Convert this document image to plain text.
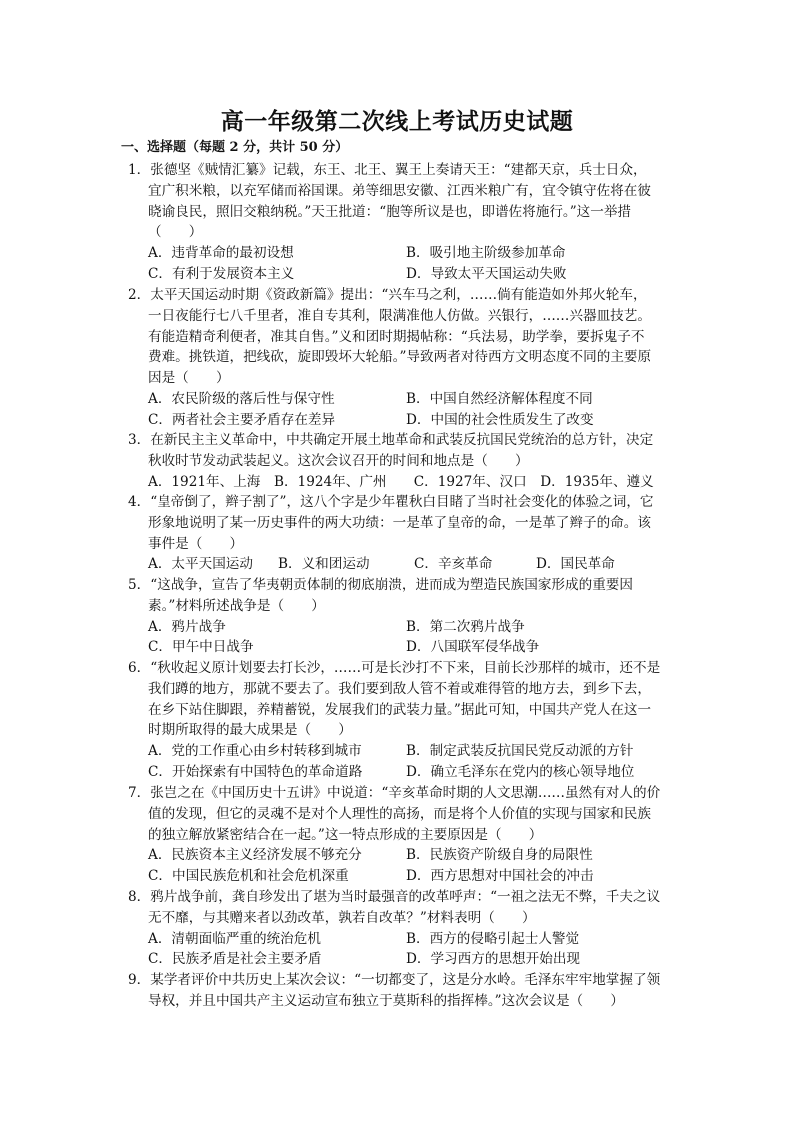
高一年级第二次线上考试历史试题
一、选择题（每题 2 分，共计 50 分）
1．张德坚《贼情汇纂》记载，东王、北王、翼王上奏请天王：“建都天京，兵士日众，
宜广积米粮，以充军储而裕国课。弟等细思安徽、江西米粮广有，宜令镇守佐将在彼
晓谕良民，照旧交粮纳税。”天王批道：“胞等所议是也，即谱佐将施行。”这一举措
（　　）
A．违背革命的最初设想	B．吸引地主阶级参加革命
C．有利于发展资本主义	D．导致太平天国运动失败
2．太平天国运动时期《资政新篇》提出：“兴车马之利，……倘有能造如外邦火轮车，
一日夜能行七八千里者，准自专其利，限满准他人仿做。兴银行，……兴器皿技艺。
有能造精奇利便者，准其自售。”义和团时期揭帖称：“兵法易，助学拳，要拆鬼子不
费难。挑铁道，把线砍，旋即毁坏大轮船。”导致两者对待西方文明态度不同的主要原
因是（　　）
A．农民阶级的落后性与保守性	B．中国自然经济解体程度不同
C．两者社会主要矛盾存在差异	D．中国的社会性质发生了改变
3．在新民主主义革命中，中共确定开展土地革命和武装反抗国民党统治的总方针，决定
秋收时节发动武装起义。这次会议召开的时间和地点是（　　）
A．1921年、上海　B．1924年、广州　　C．1927年、汉口　D．1935年、遵义
4．“皇帝倒了，辫子割了”，这八个字是少年瞿秋白目睹了当时社会变化的体验之词，它
形象地说明了某一历史事件的两大功绩：一是革了皇帝的命，一是革了辫子的命。该
事件是（　　）
A．太平天国运动	B．义和团运动	C．辛亥革命	D．国民革命
5．“这战争，宣告了华夷朝贡体制的彻底崩溃，进而成为塑造民族国家形成的重要因
素。”材料所述战争是（　　）
A．鸦片战争	B．第二次鸦片战争
C．甲午中日战争	D．八国联军侵华战争
6．“秋收起义原计划要去打长沙，……可是长沙打不下来，目前长沙那样的城市，还不是
我们蹲的地方，那就不要去了。我们要到敌人管不着或难得管的地方去，到乡下去，
在乡下站住脚跟，养精蓄锐，发展我们的武装力量。”据此可知，中国共产党人在这一
时期所取得的最大成果是（　　）
A．党的工作重心由乡村转移到城市	B．制定武装反抗国民党反动派的方针
C．开始探索有中国特色的革命道路	D．确立毛泽东在党内的核心领导地位
7．张岂之在《中国历史十五讲》中说道：“辛亥革命时期的人文思潮……虽然有对人的价
值的发现，但它的灵魂不是对个人理性的高扬，而是将个人价值的实现与国家和民族
的独立解放紧密结合在一起。”这一特点形成的主要原因是（　　）
A．民族资本主义经济发展不够充分	B．民族资产阶级自身的局限性
C．中国民族危机和社会危机深重	D．西方思想对中国社会的冲击
8．鸦片战争前，龚自珍发出了堪为当时最强音的改革呼声：“一祖之法无不弊，千夫之议
无不靡，与其赠来者以劲改革，孰若自改革？”材料表明（　　）
A．清朝面临严重的统治危机	B．西方的侵略引起士人警觉
C．民族矛盾是社会主要矛盾	D．学习西方的思想开始出现
9．某学者评价中共历史上某次会议：“一切都变了，这是分水岭。毛泽东牢牢地掌握了领
导权，并且中国共产主义运动宣布独立于莫斯科的指挥棒。”这次会议是（　　）
